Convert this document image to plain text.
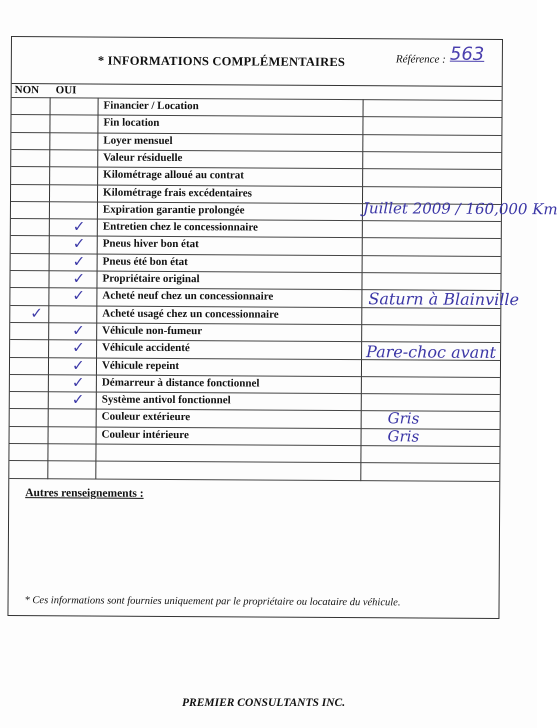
* INFORMATIONS COMPLÉMENTAIRES	Référence : 563
NON OUI
Financier / Location
Fin location
Loyer mensuel
Valeur résiduelle
Kilométrage alloué au contrat
Kilométrage frais excédentaires
Expiration garantie prolongée
Entretien chez le concessionnaire
✓
Pneus hiver bon état
✓
Pneus été bon état
✓
Propriétaire original
✓
Acheté neuf chez un concessionnaire
✓
Acheté usagé chez un concessionnaire
✓
Véhicule non-fumeur
✓
Véhicule accidenté
✓
Véhicule repeint
✓
Démarreur à distance fonctionnel
✓
Système antivol fonctionnel
✓
Couleur extérieure
Couleur intérieure
Juillet 2009 / 160,000 Km
Saturn à Blainville
Pare-choc avant
Gris
Gris
Autres renseignements :
* Ces informations sont fournies uniquement par le propriétaire ou locataire du véhicule.
PREMIER CONSULTANTS INC.
